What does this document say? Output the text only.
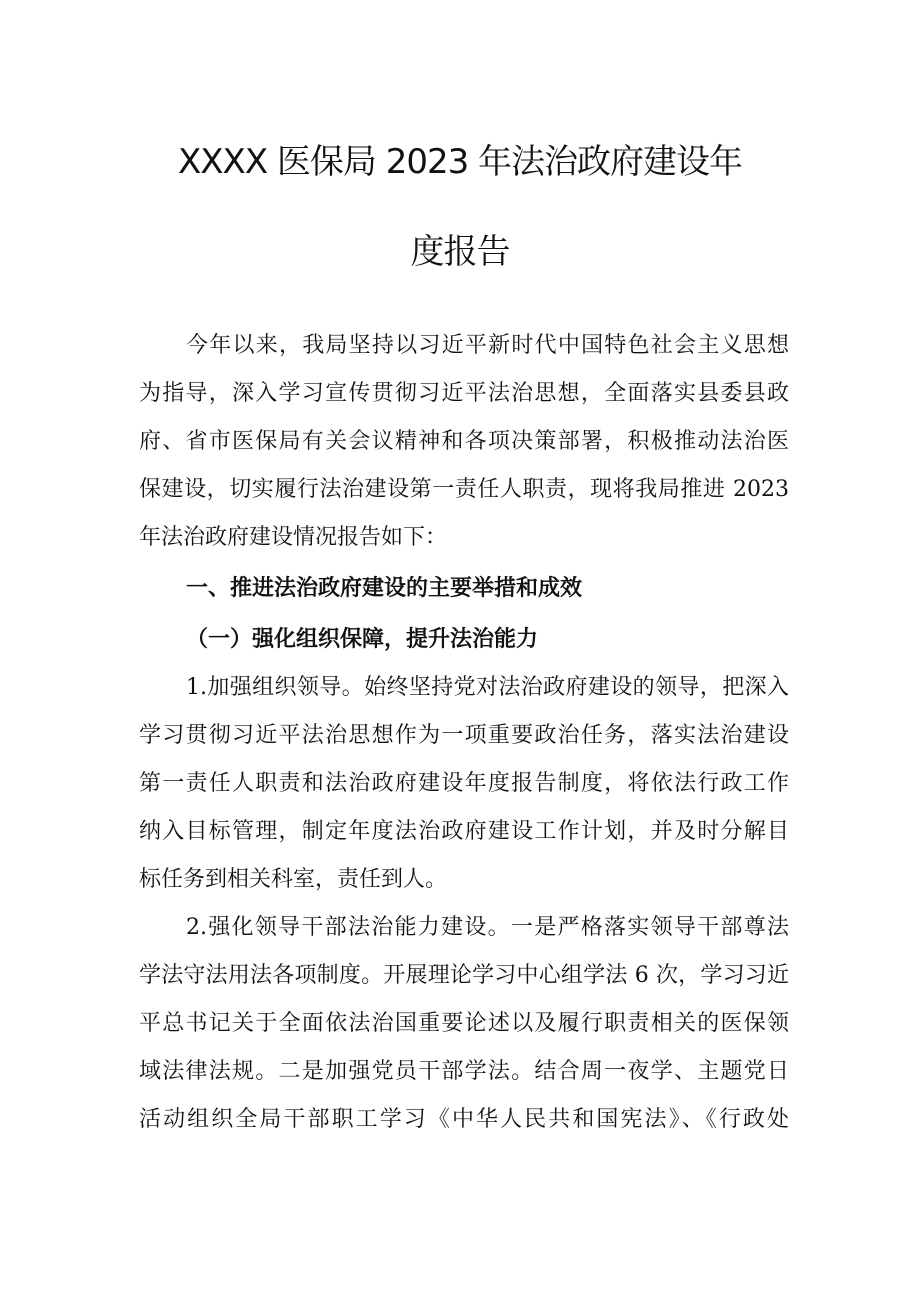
XXXX 医保局 2023 年法治政府建设年
度报告

今年以来，我局坚持以习近平新时代中国特色社会主义思想

为指导，深入学习宣传贯彻习近平法治思想，全面落实县委县政

府、省市医保局有关会议精神和各项决策部署，积极推动法治医

保建设，切实履行法治建设第一责任人职责，现将我局推进 2023

年法治政府建设情况报告如下：

一、推进法治政府建设的主要举措和成效
（一）强化组织保障，提升法治能力

1.加强组织领导。始终坚持党对法治政府建设的领导，把深入

学习贯彻习近平法治思想作为一项重要政治任务，落实法治建设

第一责任人职责和法治政府建设年度报告制度，将依法行政工作

纳入目标管理，制定年度法治政府建设工作计划，并及时分解目

标任务到相关科室，责任到人。

2.强化领导干部法治能力建设。一是严格落实领导干部尊法

学法守法用法各项制度。开展理论学习中心组学法 6 次，学习习近

平总书记关于全面依法治国重要论述以及履行职责相关的医保领

域法律法规。二是加强党员干部学法。结合周一夜学、主题党日

活动组织全局干部职工学习《中华人民共和国宪法》、《行政处
